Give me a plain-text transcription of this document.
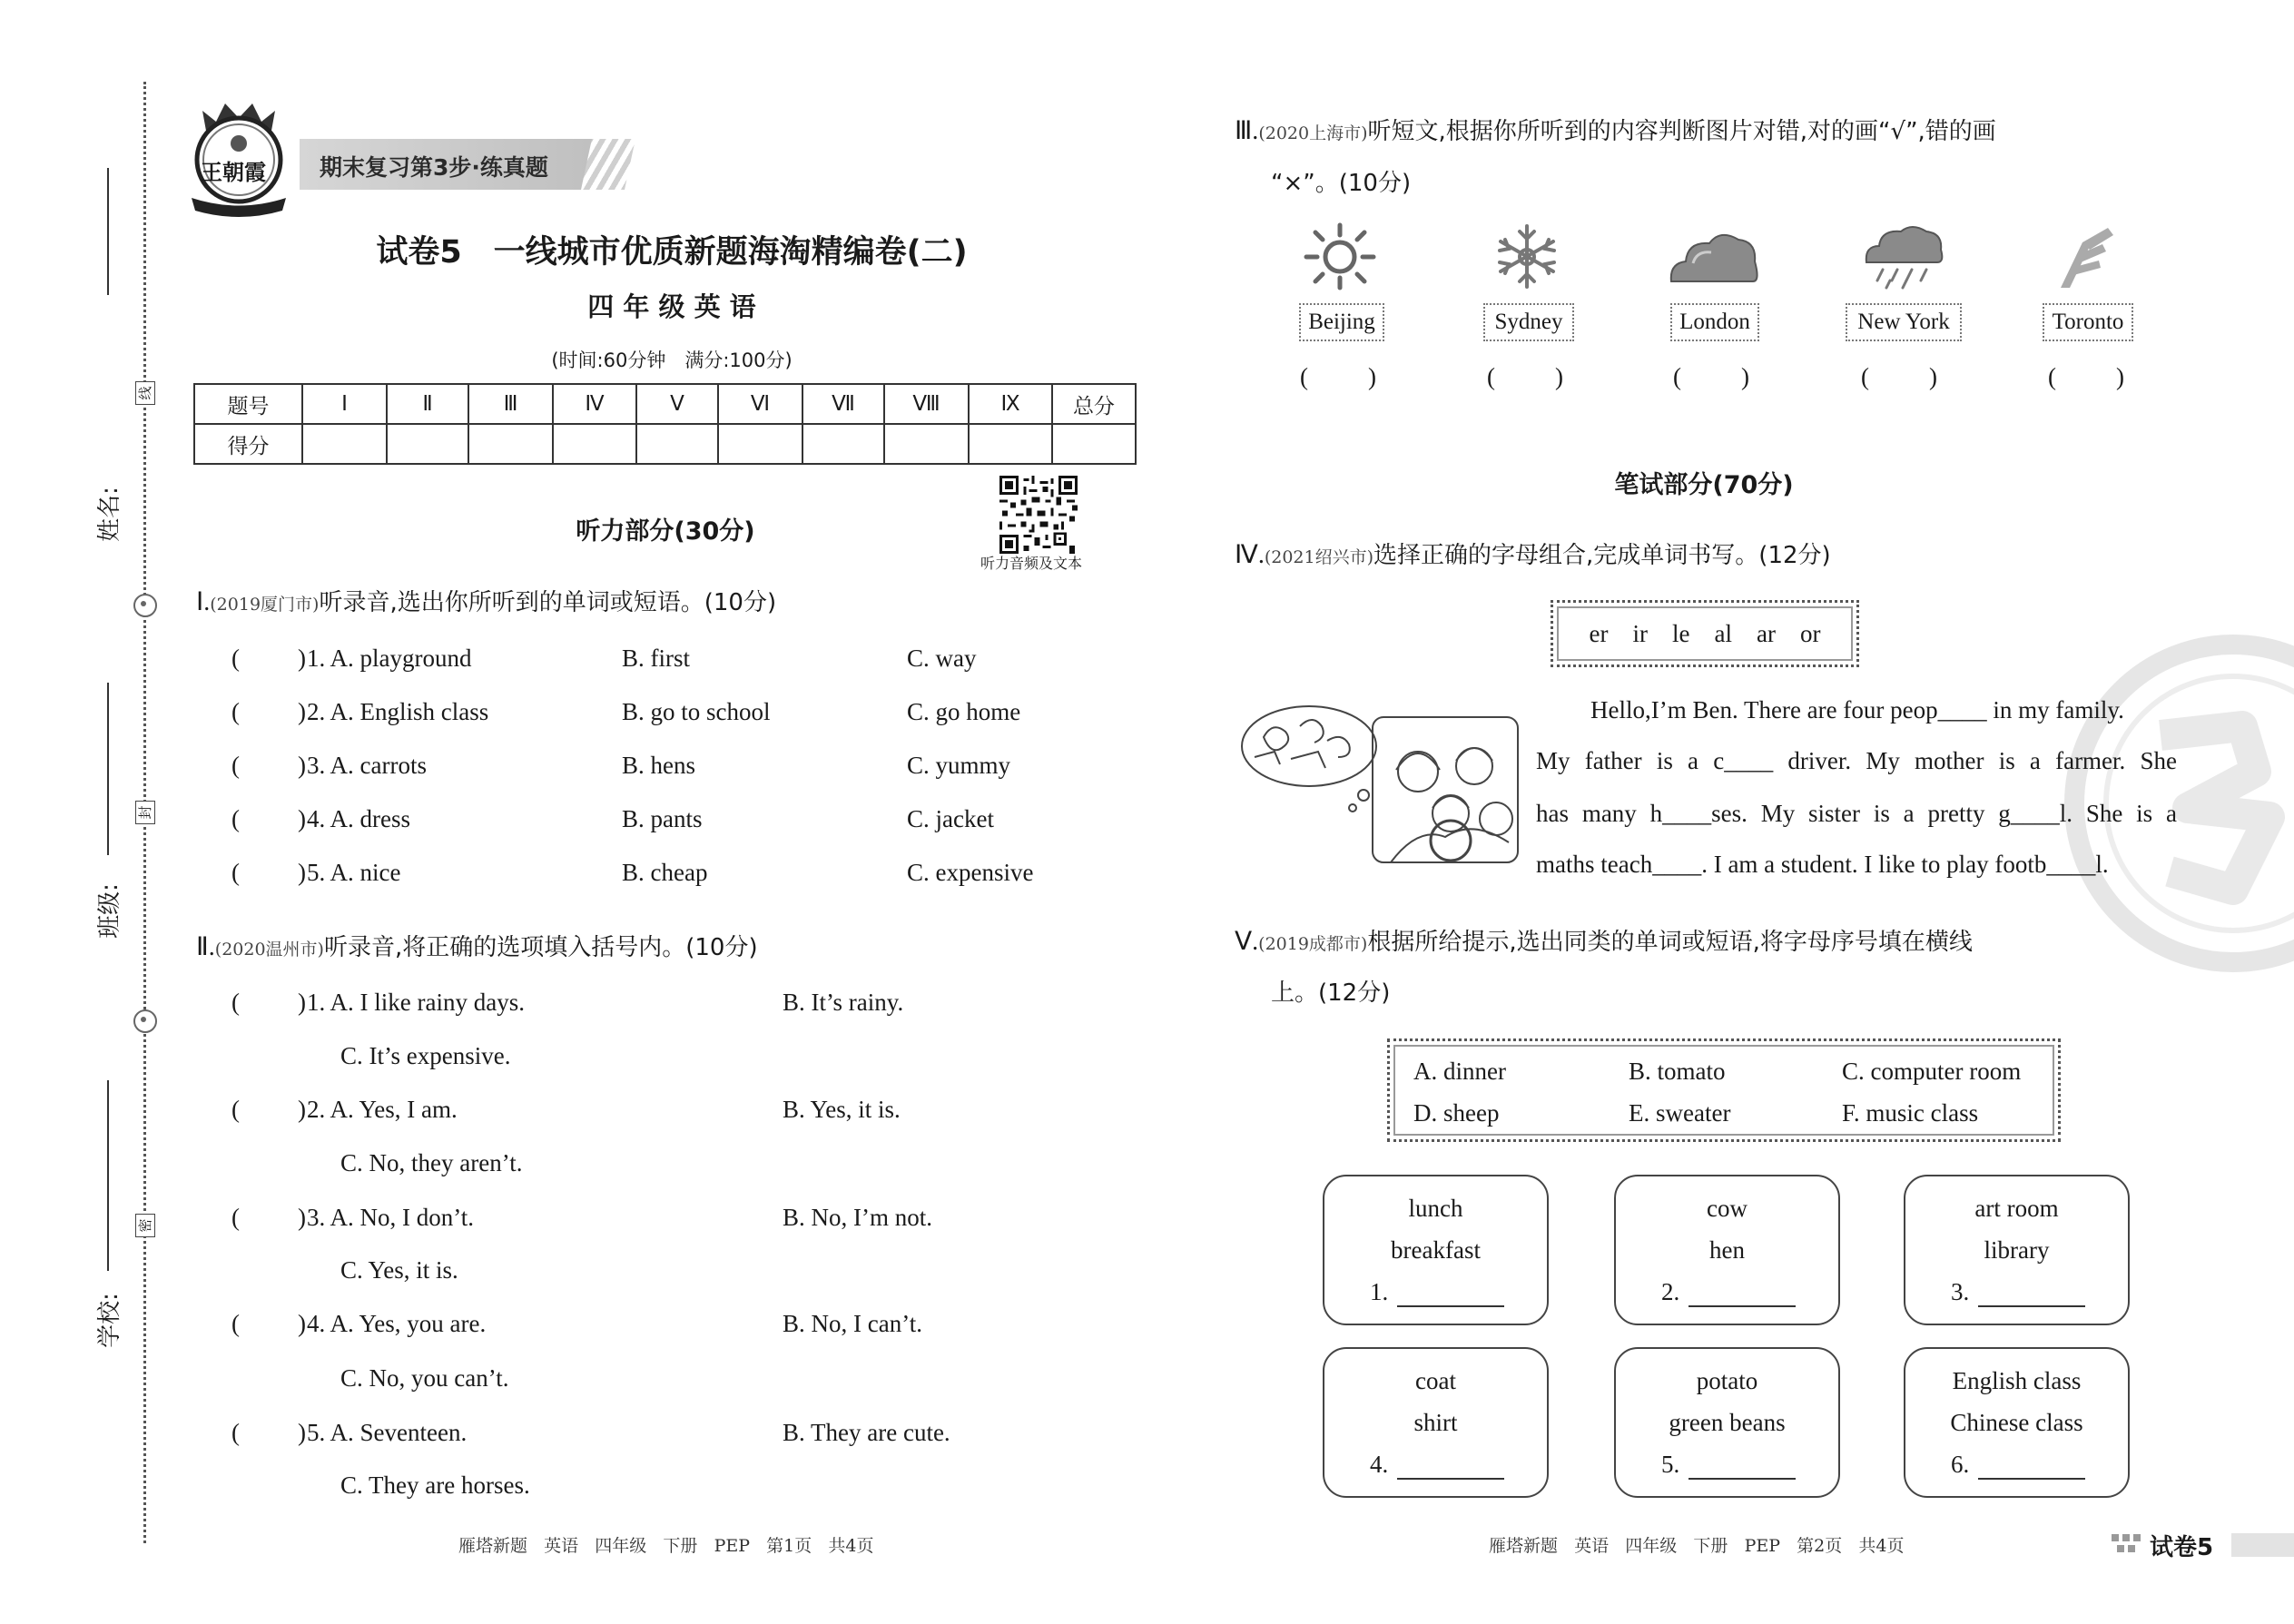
姓名:
班级:
学校:
线
封
密
王朝霞 期末复习第3步·练真题
试卷5　一线城市优质新题海淘精编卷(二)
四 年 级 英 语
(时间:60分钟　满分:100分)
题号	Ⅰ	Ⅱ	Ⅲ	Ⅳ	Ⅴ	Ⅵ	Ⅶ	Ⅷ	Ⅸ	总分
得分										
听力音频及文本
听力部分(30分)
Ⅰ.(2019厦门市)听录音,选出你所听到的单词或短语。(10分)
( ) 1. A. playground	B. first	C. way
( ) 2. A. English class	B. go to school	C. go home
( ) 3. A. carrots	B. hens	C. yummy
( ) 4. A. dress	B. pants	C. jacket
( ) 5. A. nice	B. cheap	C. expensive
Ⅱ.(2020温州市)听录音,将正确的选项填入括号内。(10分)
( ) 1. A. I like rainy days.	B. It’s rainy.
C. It’s expensive.
( ) 2. A. Yes, I am.	B. Yes, it is.
C. No, they aren’t.
( ) 3. A. No, I don’t.	B. No, I’m not.
C. Yes, it is.
( ) 4. A. Yes, you are.	B. No, I can’t.
C. No, you can’t.
( ) 5. A. Seventeen.	B. They are cute.
C. They are horses.
雁塔新题 英语 四年级 下册 PEP 第1页 共4页
Ⅲ.(2020上海市)听短文,根据你所听到的内容判断图片对错,对的画“√”,错的画
“×”。(10分)
Beijing	Sydney	London	New York	Toronto
( )	( )	( )	( )	( )
笔试部分(70分)
Ⅳ.(2021绍兴市)选择正确的字母组合,完成单词书写。(12分)
er　ir　le　al　ar　or
Hello,I’m Ben. There are four peop____ in my family.
My father is a c____ driver. My mother is a farmer. She
has many h____ses. My sister is a pretty g____l. She is a
maths teach____. I am a student. I like to play footb____l.
Ⅴ.(2019成都市)根据所给提示,选出同类的单词或短语,将字母序号填在横线
上。(12分)
A. dinner	B. tomato	C. computer room
D. sheep	E. sweater	F. music class
lunch
breakfast
1.
cow
hen
2.
art room
library
3.
coat
shirt
4.
potato
green beans
5.
English class
Chinese class
6.
雁塔新题 英语 四年级 下册 PEP 第2页 共4页	试卷5
